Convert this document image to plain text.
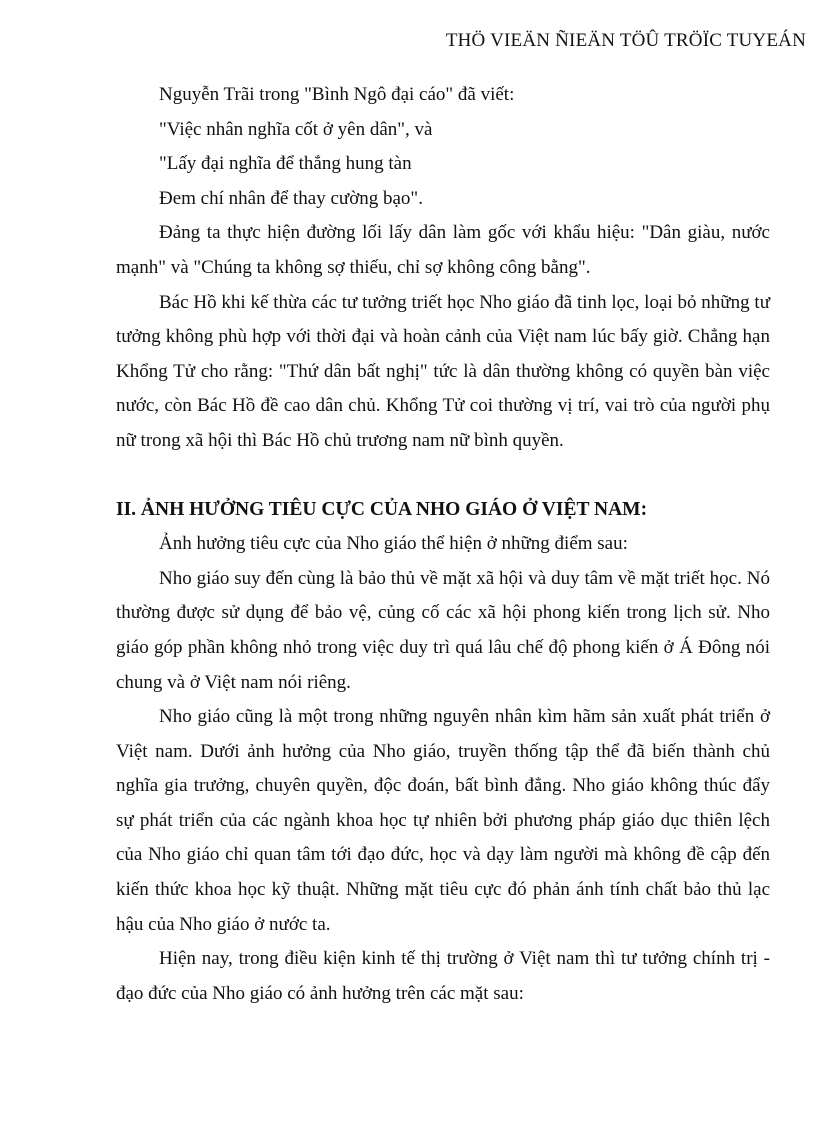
THÖ VIEÄN ÑIEÄN TÖÛ TRÖÏC TUYEÁN

Nguyễn Trãi trong "Bình Ngô đại cáo" đã viết:

"Việc nhân nghĩa cốt ở yên dân", và

"Lấy đại nghĩa để thắng hung tàn

Đem chí nhân để thay cường bạo".

Đảng ta thực hiện đường lối lấy dân làm gốc với khẩu hiệu: "Dân giàu, nước mạnh" và "Chúng ta không sợ thiếu, chỉ sợ không công bằng".

Bác Hồ khi kế thừa các tư tưởng triết học Nho giáo đã tinh lọc, loại bỏ những tư tưởng không phù hợp với thời đại và hoàn cảnh của Việt nam lúc bấy giờ. Chẳng hạn Khổng Tử cho rằng: "Thứ dân bất nghị" tức là dân thường không có quyền bàn việc nước, còn Bác Hồ đề cao dân chủ. Khổng Tử coi thường vị trí, vai trò của người phụ nữ trong xã hội thì Bác Hồ chủ trương nam nữ bình quyền.

II. ẢNH HƯỞNG TIÊU CỰC CỦA NHO GIÁO Ở VIỆT NAM:

Ảnh hưởng tiêu cực của Nho giáo thể hiện ở những điểm sau:

Nho giáo suy đến cùng là bảo thủ về mặt xã hội và duy tâm về mặt triết học. Nó thường được sử dụng để bảo vệ, củng cố các xã hội phong kiến trong lịch sử. Nho giáo góp phần không nhỏ trong việc duy trì quá lâu chế độ phong kiến ở Á Đông nói chung và ở Việt nam nói riêng.

Nho giáo cũng là một trong những nguyên nhân kìm hãm sản xuất phát triển ở Việt nam. Dưới ảnh hưởng của Nho giáo, truyền thống tập thể đã biến thành chủ nghĩa gia trưởng, chuyên quyền, độc đoán, bất bình đẳng. Nho giáo không thúc đẩy sự phát triển của các ngành khoa học tự nhiên bởi phương pháp giáo dục thiên lệch của Nho giáo chỉ quan tâm tới đạo đức, học và dạy làm người mà không đề cập đến kiến thức khoa học kỹ thuật. Những mặt tiêu cực đó phản ánh tính chất bảo thủ lạc hậu của Nho giáo ở nước ta.

Hiện nay, trong điều kiện kinh tế thị trường ở Việt nam thì tư tưởng chính trị - đạo đức của Nho giáo có ảnh hưởng trên các mặt sau:
